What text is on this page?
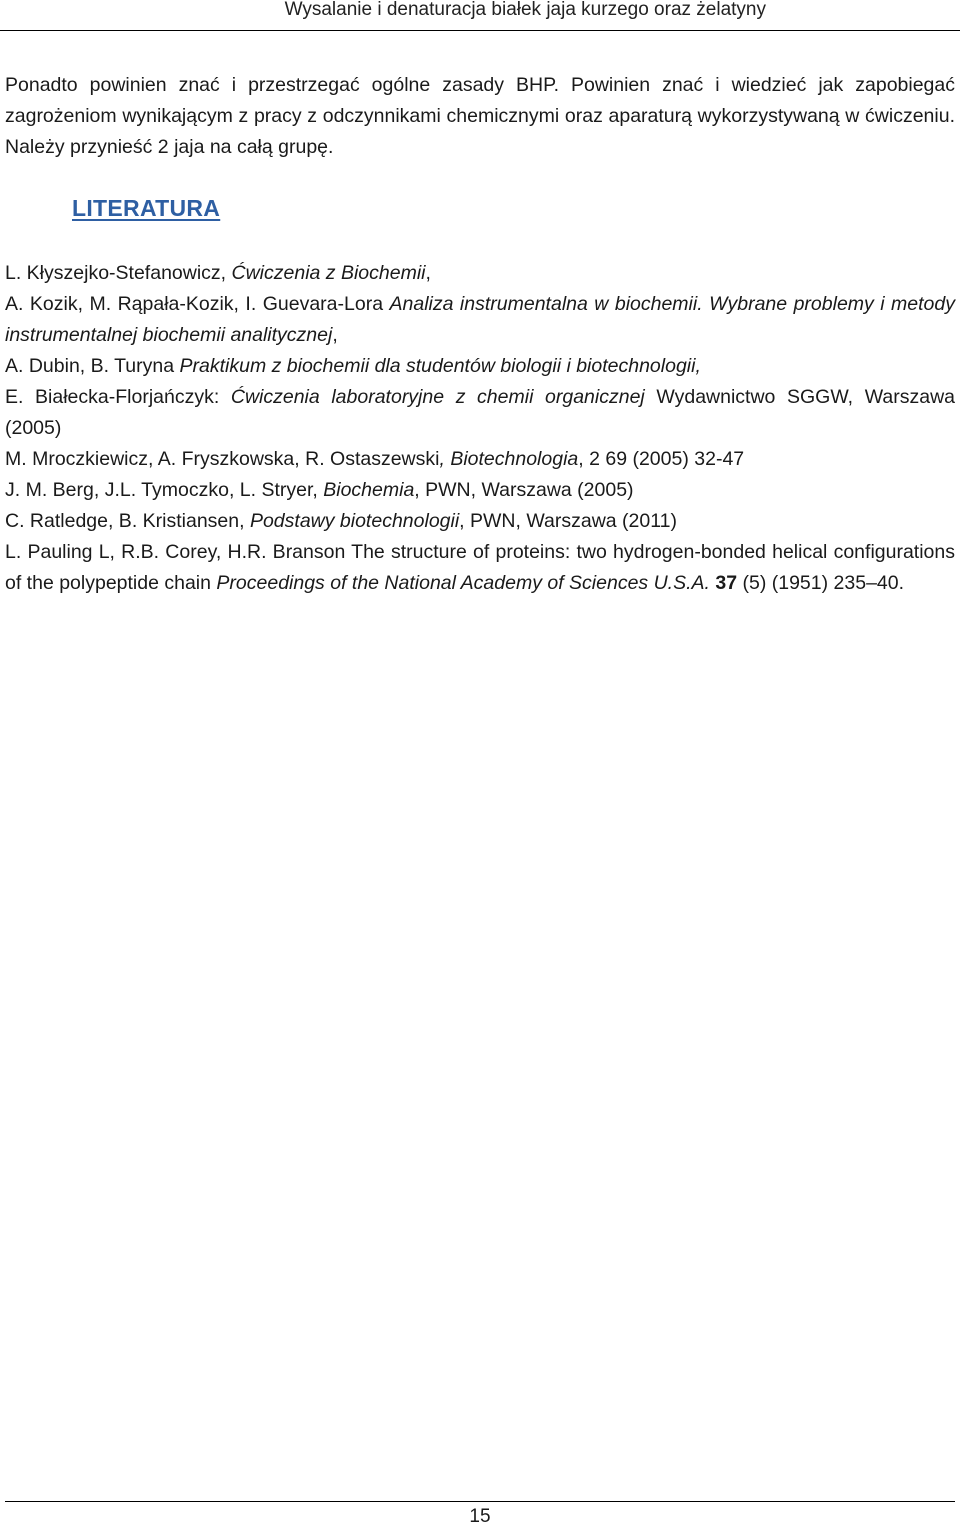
Wysalanie i denaturacja białek jaja kurzego oraz żelatyny

Ponadto powinien znać i przestrzegać ogólne zasady BHP. Powinien znać i wiedzieć jak zapobiegać zagrożeniom wynikającym z pracy z odczynnikami chemicznymi oraz aparaturą wykorzystywaną w ćwiczeniu. Należy przynieść 2 jaja na całą grupę.

LITERATURA

L. Kłyszejko-Stefanowicz, Ćwiczenia z Biochemii,

A. Kozik, M. Rąpała-Kozik, I. Guevara-Lora Analiza instrumentalna w biochemii. Wybrane problemy i metody instrumentalnej biochemii analitycznej,

A. Dubin, B. Turyna Praktikum z biochemii dla studentów biologii i biotechnologii,

E. Białecka-Florjańczyk: Ćwiczenia laboratoryjne z chemii organicznej Wydawnictwo SGGW, Warszawa (2005)

M. Mroczkiewicz, A. Fryszkowska, R. Ostaszewski, Biotechnologia, 2 69 (2005) 32-47

J. M. Berg, J.L. Tymoczko, L. Stryer, Biochemia, PWN, Warszawa (2005)

C. Ratledge, B. Kristiansen, Podstawy biotechnologii, PWN, Warszawa (2011)

L. Pauling L, R.B. Corey, H.R. Branson The structure of proteins: two hydrogen-bonded helical configurations of the polypeptide chain Proceedings of the National Academy of Sciences U.S.A. 37 (5) (1951) 235–40.

15
